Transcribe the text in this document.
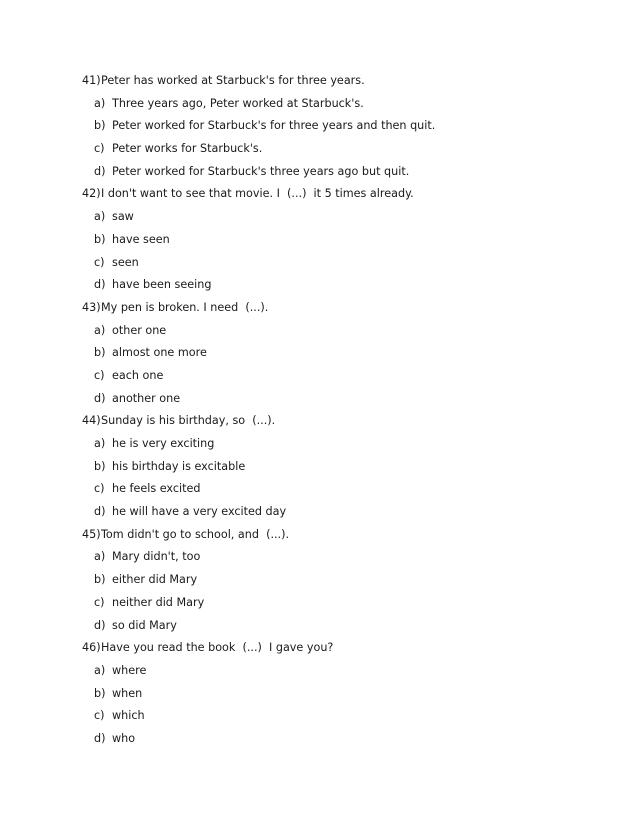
41)Peter has worked at Starbuck's for three years.
a) Three years ago, Peter worked at Starbuck's.
b) Peter worked for Starbuck's for three years and then quit.
c) Peter works for Starbuck's.
d) Peter worked for Starbuck's three years ago but quit.
42)I don't want to see that movie. I  (...)  it 5 times already.
a) saw
b) have seen
c) seen
d) have been seeing
43)My pen is broken. I need  (...).
a) other one
b) almost one more
c) each one
d) another one
44)Sunday is his birthday, so  (...).
a) he is very exciting
b) his birthday is excitable
c) he feels excited
d) he will have a very excited day
45)Tom didn't go to school, and  (...).
a) Mary didn't, too
b) either did Mary
c) neither did Mary
d) so did Mary
46)Have you read the book  (...)  I gave you?
a) where
b) when
c) which
d) who
